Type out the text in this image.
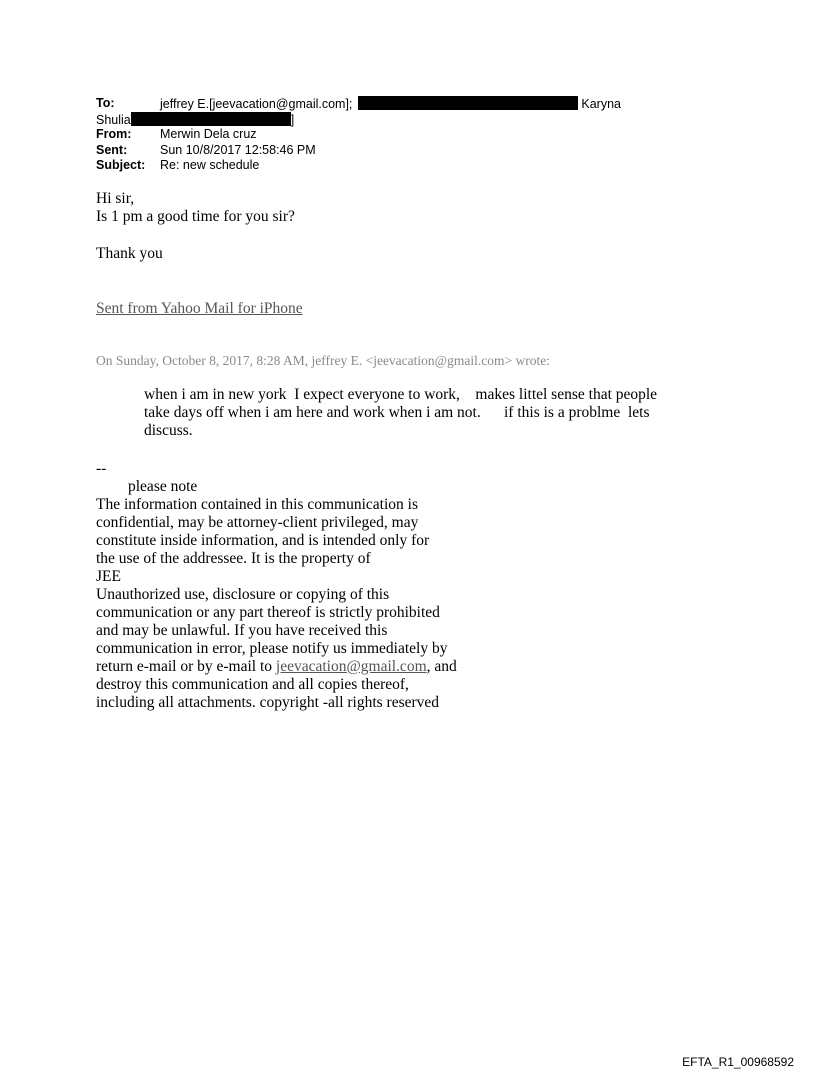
To:	jeffrey E.[jeevacation@gmail.com];	Karyna
Shulia	]
From: Merwin Dela cruz
Sent:	Sun 10/8/2017 12:58:46 PM
Subject: Re: new schedule
Hi sir,
Is 1 pm a good time for you sir?
Thank you
Sent from Yahoo Mail for iPhone
On Sunday, October 8, 2017, 8:28 AM, jeffrey E. <jeevacation@gmail.com> wrote:
when i am in new york  I expect everyone to work,    makes littel sense that people
take days off when i am here and work when i am not.      if this is a problme  lets
discuss.
--
please note
The information contained in this communication is
confidential, may be attorney-client privileged, may
constitute inside information, and is intended only for
the use of the addressee. It is the property of
JEE
Unauthorized use, disclosure or copying of this
communication or any part thereof is strictly prohibited
and may be unlawful. If you have received this
communication in error, please notify us immediately by
return e-mail or by e-mail to jeevacation@gmail.com, and
destroy this communication and all copies thereof,
including all attachments. copyright -all rights reserved
EFTA_R1_00968592
